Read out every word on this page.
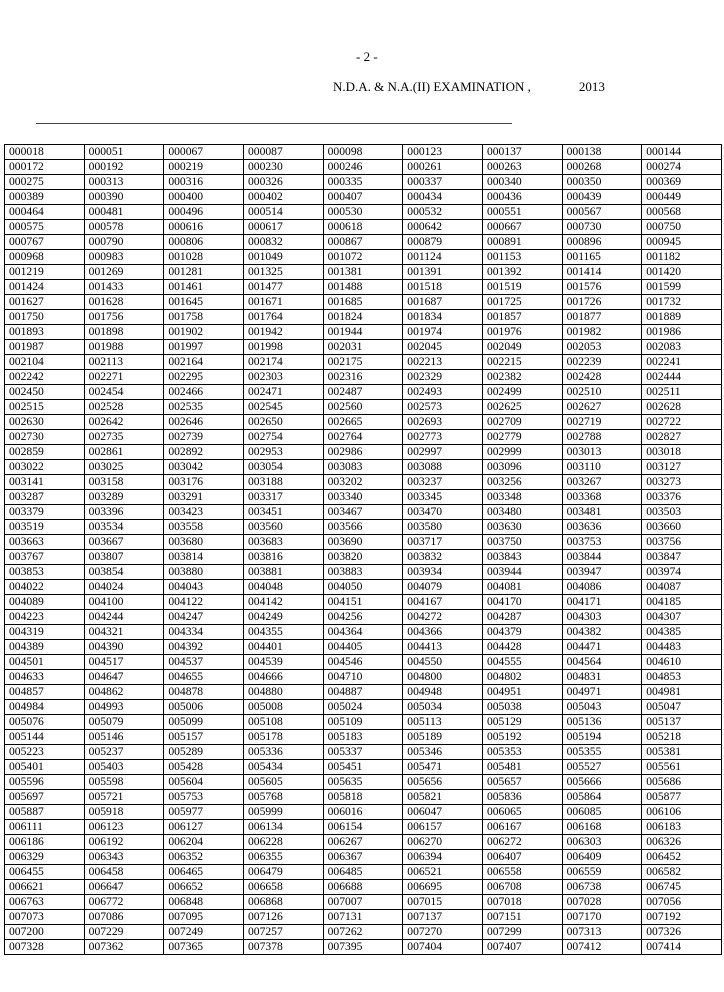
- 2 -
N.D.A. & N.A.(II) EXAMINATION ,	2013
000018	000051	000067	000087	000098	000123	000137	000138	000144
000172	000192	000219	000230	000246	000261	000263	000268	000274
000275	000313	000316	000326	000335	000337	000340	000350	000369
000389	000390	000400	000402	000407	000434	000436	000439	000449
000464	000481	000496	000514	000530	000532	000551	000567	000568
000575	000578	000616	000617	000618	000642	000667	000730	000750
000767	000790	000806	000832	000867	000879	000891	000896	000945
000968	000983	001028	001049	001072	001124	001153	001165	001182
001219	001269	001281	001325	001381	001391	001392	001414	001420
001424	001433	001461	001477	001488	001518	001519	001576	001599
001627	001628	001645	001671	001685	001687	001725	001726	001732
001750	001756	001758	001764	001824	001834	001857	001877	001889
001893	001898	001902	001942	001944	001974	001976	001982	001986
001987	001988	001997	001998	002031	002045	002049	002053	002083
002104	002113	002164	002174	002175	002213	002215	002239	002241
002242	002271	002295	002303	002316	002329	002382	002428	002444
002450	002454	002466	002471	002487	002493	002499	002510	002511
002515	002528	002535	002545	002560	002573	002625	002627	002628
002630	002642	002646	002650	002665	002693	002709	002719	002722
002730	002735	002739	002754	002764	002773	002779	002788	002827
002859	002861	002892	002953	002986	002997	002999	003013	003018
003022	003025	003042	003054	003083	003088	003096	003110	003127
003141	003158	003176	003188	003202	003237	003256	003267	003273
003287	003289	003291	003317	003340	003345	003348	003368	003376
003379	003396	003423	003451	003467	003470	003480	003481	003503
003519	003534	003558	003560	003566	003580	003630	003636	003660
003663	003667	003680	003683	003690	003717	003750	003753	003756
003767	003807	003814	003816	003820	003832	003843	003844	003847
003853	003854	003880	003881	003883	003934	003944	003947	003974
004022	004024	004043	004048	004050	004079	004081	004086	004087
004089	004100	004122	004142	004151	004167	004170	004171	004185
004223	004244	004247	004249	004256	004272	004287	004303	004307
004319	004321	004334	004355	004364	004366	004379	004382	004385
004389	004390	004392	004401	004405	004413	004428	004471	004483
004501	004517	004537	004539	004546	004550	004555	004564	004610
004633	004647	004655	004666	004710	004800	004802	004831	004853
004857	004862	004878	004880	004887	004948	004951	004971	004981
004984	004993	005006	005008	005024	005034	005038	005043	005047
005076	005079	005099	005108	005109	005113	005129	005136	005137
005144	005146	005157	005178	005183	005189	005192	005194	005218
005223	005237	005289	005336	005337	005346	005353	005355	005381
005401	005403	005428	005434	005451	005471	005481	005527	005561
005596	005598	005604	005605	005635	005656	005657	005666	005686
005697	005721	005753	005768	005818	005821	005836	005864	005877
005887	005918	005977	005999	006016	006047	006065	006085	006106
006111	006123	006127	006134	006154	006157	006167	006168	006183
006186	006192	006204	006228	006267	006270	006272	006303	006326
006329	006343	006352	006355	006367	006394	006407	006409	006452
006455	006458	006465	006479	006485	006521	006558	006559	006582
006621	006647	006652	006658	006688	006695	006708	006738	006745
006763	006772	006848	006868	007007	007015	007018	007028	007056
007073	007086	007095	007126	007131	007137	007151	007170	007192
007200	007229	007249	007257	007262	007270	007299	007313	007326
007328	007362	007365	007378	007395	007404	007407	007412	007414
